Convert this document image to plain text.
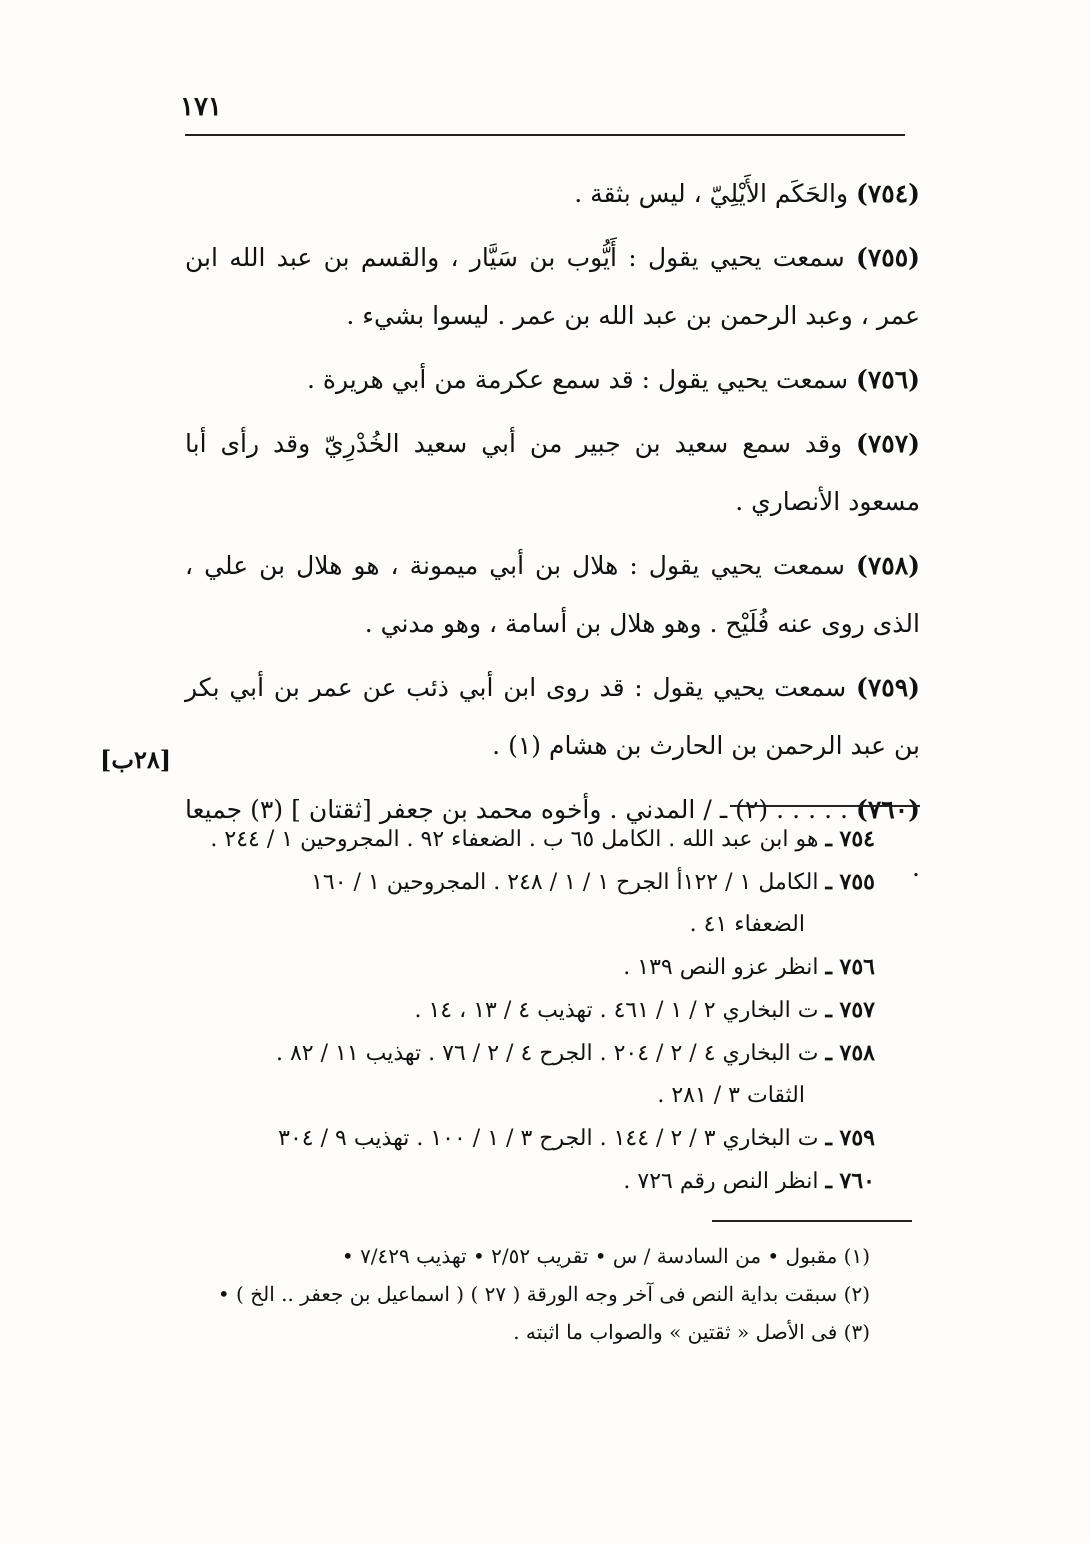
١٧١

(٧٥٤) والحَكَم الأَيْلِيّ ، ليس بثقة .

(٧٥٥) سمعت يحيي يقول : أَيُّوب بن سَيَّار ، والقسم بن عبد الله ابن عمر ، وعبد الرحمن بن عبد الله بن عمر . ليسوا بشيء .

(٧٥٦) سمعت يحيي يقول : قد سمع عكرمة من أبي هريرة .

(٧٥٧) وقد سمع سعيد بن جبير من أبي سعيد الخُدْرِيّ وقد رأى أبا مسعود الأنصاري .

(٧٥٨) سمعت يحيي يقول : هلال بن أبي ميمونة ، هو هلال بن علي ، الذى روى عنه فُلَيْح . وهو هلال بن أسامة ، وهو مدني .

(٧٥٩) سمعت يحيي يقول : قد روى ابن أبي ذئب عن عمر بن أبي بكر بن عبد الرحمن بن الحارث بن هشام (١) .

(٧٦٠) . . . . . (٢) ـ / المدني . وأخوه محمد بن جعفر [ثقتان ] (٣) جميعا .

[٢٨ب]

٧٥٤ ـ هو ابن عبد الله . الكامل ٦٥ ب . الضعفاء ٩٢ . المجروحين ١ / ٢٤٤ .

٧٥٥ ـ الكامل ١ / ١٢٢أ الجرح ١ / ١ / ٢٤٨ . المجروحين ١ / ١٦٠

الضعفاء ٤١ .

٧٥٦ ـ انظر عزو النص ١٣٩ .

٧٥٧ ـ ت البخاري ٢ / ١ / ٤٦١ . تهذيب ٤ / ١٣ ، ١٤ .

٧٥٨ ـ ت البخاري ٤ / ٢ / ٢٠٤ . الجرح ٤ / ٢ / ٧٦ . تهذيب ١١ / ٨٢ .

الثقات ٣ / ٢٨١ .

٧٥٩ ـ ت البخاري ٣ / ٢ / ١٤٤ . الجرح ٣ / ١ / ١٠٠ . تهذيب ٩ / ٣٠٤

٧٦٠ ـ انظر النص رقم ٧٢٦ .

(١) مقبول • من السادسة / س • تقريب ٢/٥٢ • تهذيب ٧/٤٢٩ •

(٢) سبقت بداية النص فى آخر وجه الورقة ( ٢٧ ) ( اسماعيل بن جعفر .. الخ ) •

(٣) فى الأصل « ثقتين » والصواب ما اثبته .
